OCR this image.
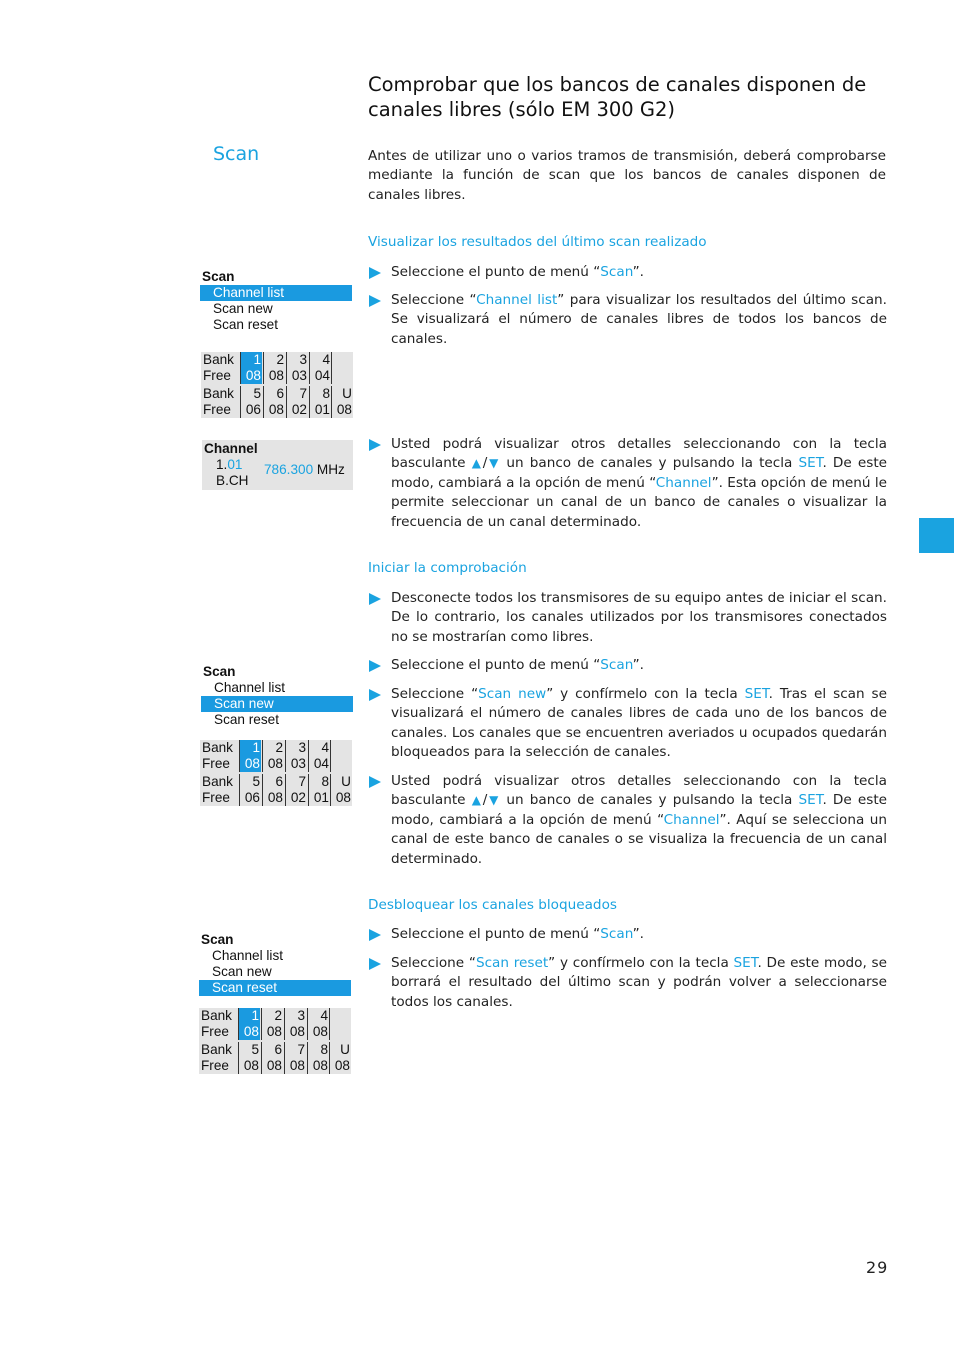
Comprobar que los bancos de canales disponen de canales libres (sólo EM 300 G2)
Scan	Antes de utilizar uno o varios tramos de transmisión, deberá comprobarse mediante la función de scan que los bancos de canales disponen de canales libres.
Visualizar los resultados del último scan realizado
Seleccione el punto de menú “Scan”.
Seleccione “Channel list” para visualizar los resultados del último scan. Se visualizará el número de canales libres de todos los bancos de canales.
Usted podrá visualizar otros detalles seleccionando con la tecla basculante ▲/▼ un banco de canales y pulsando la tecla SET. De este modo, cambiará a la opción de menú “Channel”. Esta opción de menú le permite seleccionar un canal de un banco de canales o visualizar la frecuencia de un canal determinado.
Iniciar la comprobación
Desconecte todos los transmisores de su equipo antes de iniciar el scan. De lo contrario, los canales utilizados por los transmisores conectados no se mostrarían como libres.
Seleccione el punto de menú “Scan”.
Seleccione “Scan new” y confírmelo con la tecla SET. Tras el scan se visualizará el número de canales libres de cada uno de los bancos de canales. Los canales que se encuentren averiados u ocupados quedarán bloqueados para la selección de canales.
Usted podrá visualizar otros detalles seleccionando con la tecla basculante ▲/▼ un banco de canales y pulsando la tecla SET. De este modo, cambiará a la opción de menú “Channel”. Aquí se selecciona un canal de este banco de canales o se visualiza la frecuencia de un canal determinado.
Desbloquear los canales bloqueados
Seleccione el punto de menú “Scan”.
Seleccione “Scan reset” y confírmelo con la tecla SET. De este modo, se borrará el resultado del último scan y podrán volver a seleccionarse todos los canales.
Scan
Channel list
Scan new
Scan reset
Scan
Channel list
Scan new
Scan reset
Scan
Channel list
Scan new
Scan reset
Bank	1	2	3	4
Free	08 08 03 04
Bank	5	6	7	8 U
Free	06 08 02 01 08
Bank	1	2	3	4
Free	08 08 03 04
Bank	5	6	7	8 U
Free	06 08 02 01 08
Bank	1	2	3	4
Free	08 08 08 08
Bank	5	6	7	8 U
Free	08 08 08 08 08
Channel
1.01 786.300 MHz
B.CH
29
